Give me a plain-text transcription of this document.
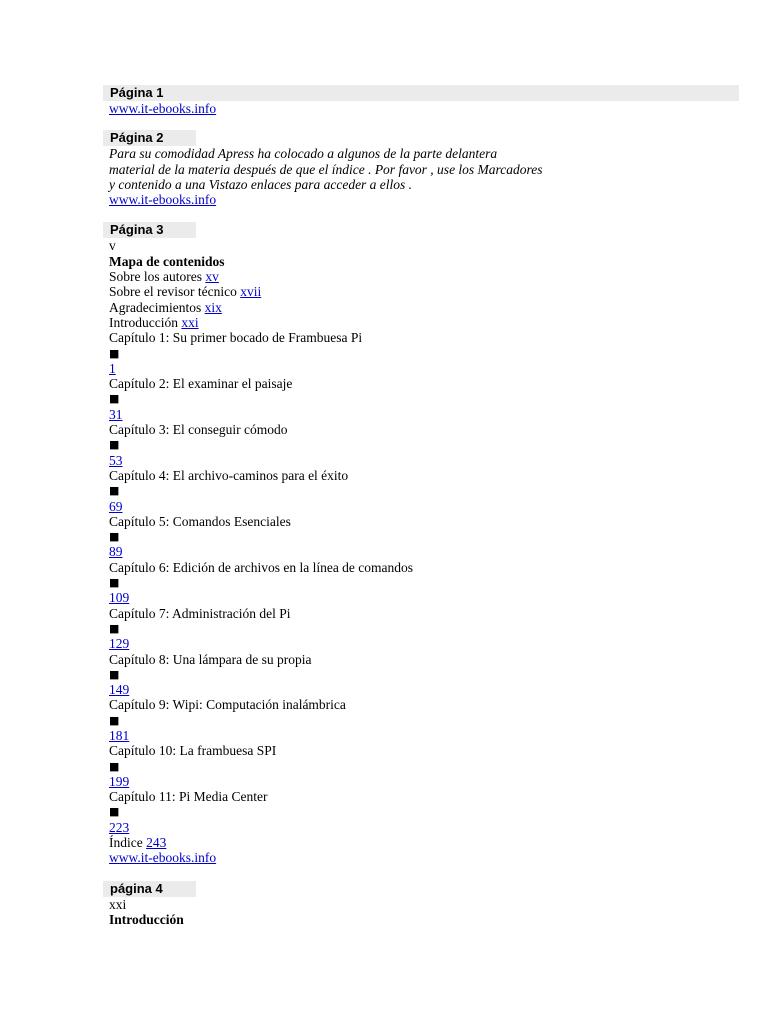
Página 1
www.it-ebooks.info
Página 2
Para su comodidad Apress ha colocado a algunos de la parte delantera
material de la materia después de que el índice . Por favor , use los Marcadores
y contenido a una Vistazo enlaces para acceder a ellos .
www.it-ebooks.info
Página 3
v
Mapa de contenidos
Sobre los autores xv
Sobre el revisor técnico xvii
Agradecimientos xix
Introducción xxi
Capítulo 1: Su primer bocado de Frambuesa Pi
■
1
Capítulo 2: El examinar el paisaje
■
31
Capítulo 3: El conseguir cómodo
■
53
Capítulo 4: El archivo-caminos para el éxito
■
69
Capítulo 5: Comandos Esenciales
■
89
Capítulo 6: Edición de archivos en la línea de comandos
■
109
Capítulo 7: Administración del Pi
■
129
Capítulo 8: Una lámpara de su propia
■
149
Capítulo 9: Wipi: Computación inalámbrica
■
181
Capítulo 10: La frambuesa SPI
■
199
Capítulo 11: Pi Media Center
■
223
Índice 243
www.it-ebooks.info
página 4
xxi
Introducción
